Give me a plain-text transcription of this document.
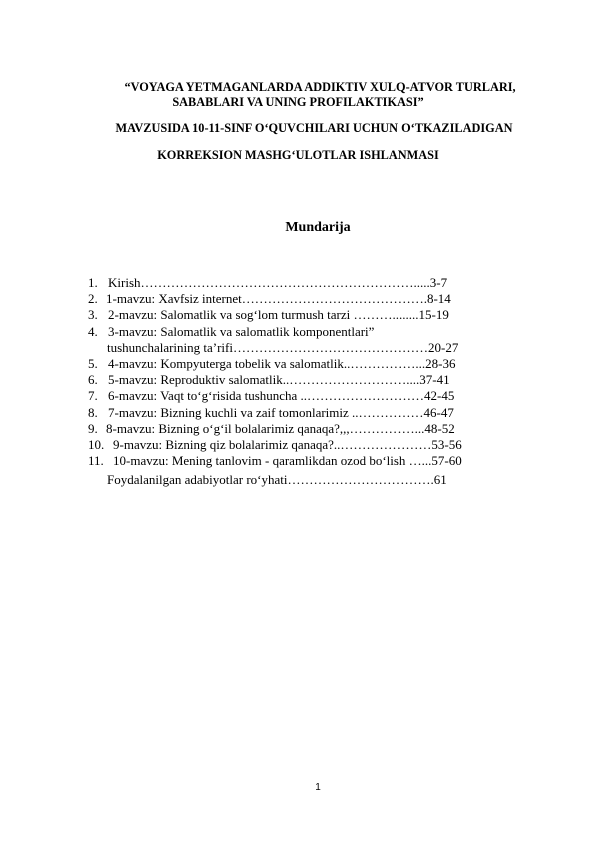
“VOYAGA YETMAGANLARDA ADDIKTIV XULQ-ATVOR TURLARI,
SABABLARI VA UNING PROFILAKTIKASI”
MAVZUSIDA 10-11-SINF O‘QUVCHILARI UCHUN O‘TKAZILADIGAN
KORREKSION MASHG‘ULOTLAR ISHLANMASI
Mundarija
1. Kirish……………………………………………………….....3-7
2. 1-mavzu: Xavfsiz internet…………………………………….8-14
3. 2-mavzu: Salomatlik va sog‘lom turmush tarzi ………........15-19
4. 3-mavzu: Salomatlik va salomatlik komponentlari”
tushunchalarining ta’rifi………………………………………20-27
5. 4-mavzu: Kompyuterga tobelik va salomatlik..……………...28-36
6. 5-mavzu: Reproduktiv salomatlik..………………………....37-41
7. 6-mavzu: Vaqt to‘g‘risida tushuncha ..………………………42-45
8. 7-mavzu: Bizning kuchli va zaif tomonlarimiz ..……………46-47
9. 8-mavzu: Bizning o‘g‘il bolalarimiz qanaqa?,,,……………...48-52
10. 9-mavzu: Bizning qiz bolalarimiz qanaqa?..…………………53-56
11. 10-mavzu: Mening tanlovim - qaramlikdan ozod bo‘lish …...57-60
Foydalanilgan adabiyotlar ro‘yhati…………………………….61
1
